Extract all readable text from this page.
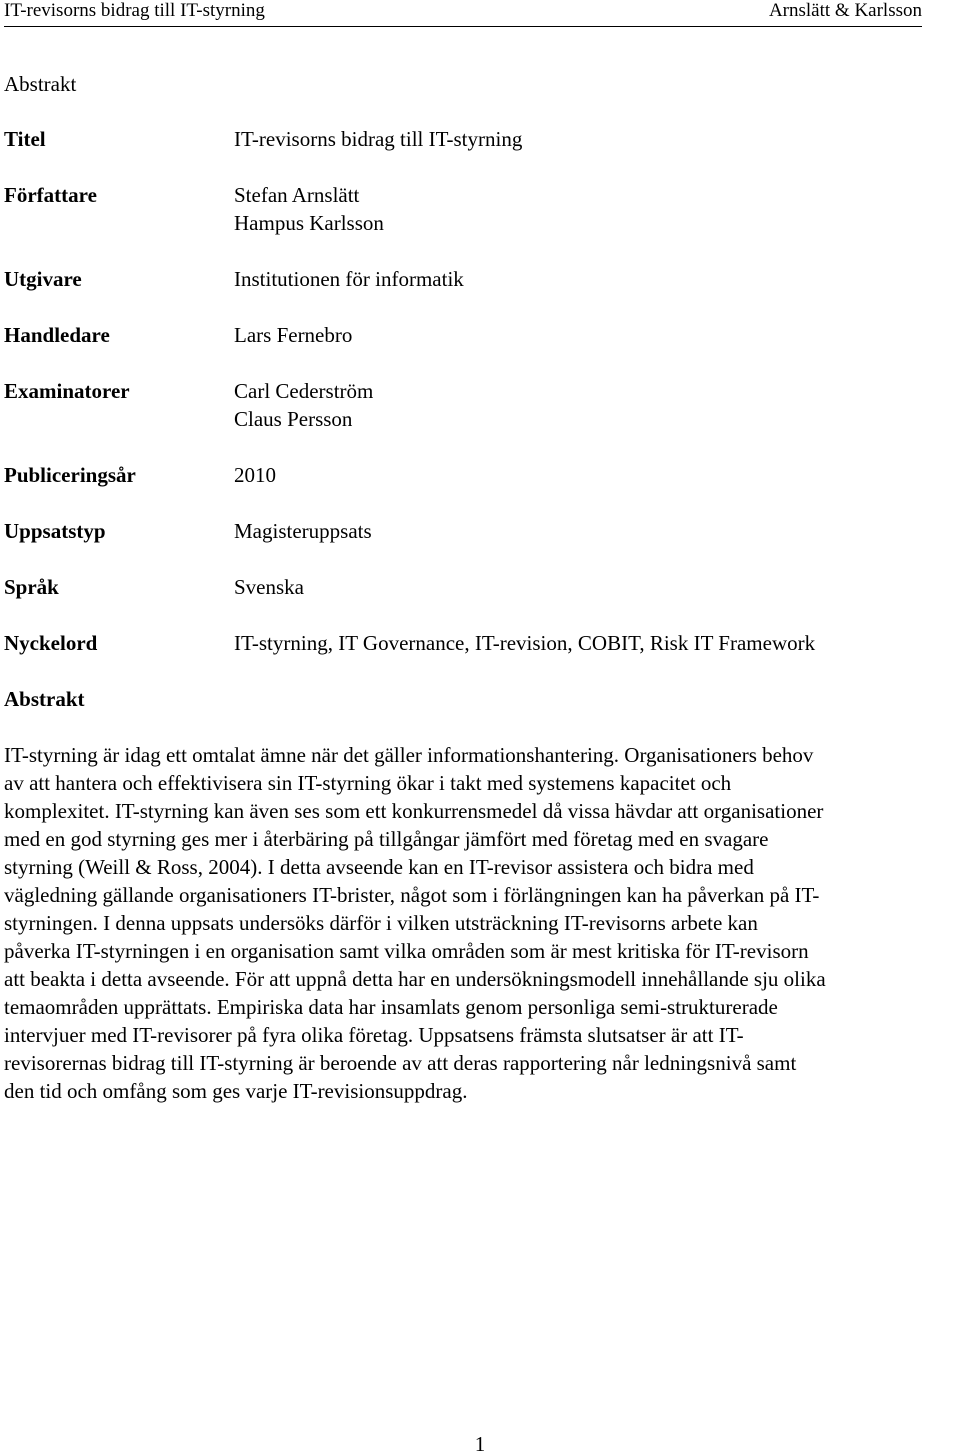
IT-revisorns bidrag till IT-styrning	Arnslätt & Karlsson
Abstrakt
Titel	IT-revisorns bidrag till IT-styrning
Författare	Stefan Arnslätt
Hampus Karlsson
Utgivare	Institutionen för informatik
Handledare	Lars Fernebro
Examinatorer	Carl Cederström
Claus Persson
Publiceringsår	2010
Uppsatstyp	Magisteruppsats
Språk	Svenska
Nyckelord	IT-styrning, IT Governance, IT-revision, COBIT, Risk IT Framework
Abstrakt
IT-styrning är idag ett omtalat ämne när det gäller informationshantering. Organisationers behov
av att hantera och effektivisera sin IT-styrning ökar i takt med systemens kapacitet och
komplexitet. IT-styrning kan även ses som ett konkurrensmedel då vissa hävdar att organisationer
med en god styrning ges mer i återbäring på tillgångar jämfört med företag med en svagare
styrning (Weill & Ross, 2004). I detta avseende kan en IT-revisor assistera och bidra med
vägledning gällande organisationers IT-brister, något som i förlängningen kan ha påverkan på IT-
styrningen. I denna uppsats undersöks därför i vilken utsträckning IT-revisorns arbete kan
påverka IT-styrningen i en organisation samt vilka områden som är mest kritiska för IT-revisorn
att beakta i detta avseende. För att uppnå detta har en undersökningsmodell innehållande sju olika
temaområden upprättats. Empiriska data har insamlats genom personliga semi-strukturerade
intervjuer med IT-revisorer på fyra olika företag. Uppsatsens främsta slutsatser är att IT-
revisorernas bidrag till IT-styrning är beroende av att deras rapportering når ledningsnivå samt
den tid och omfång som ges varje IT-revisionsuppdrag.
1
